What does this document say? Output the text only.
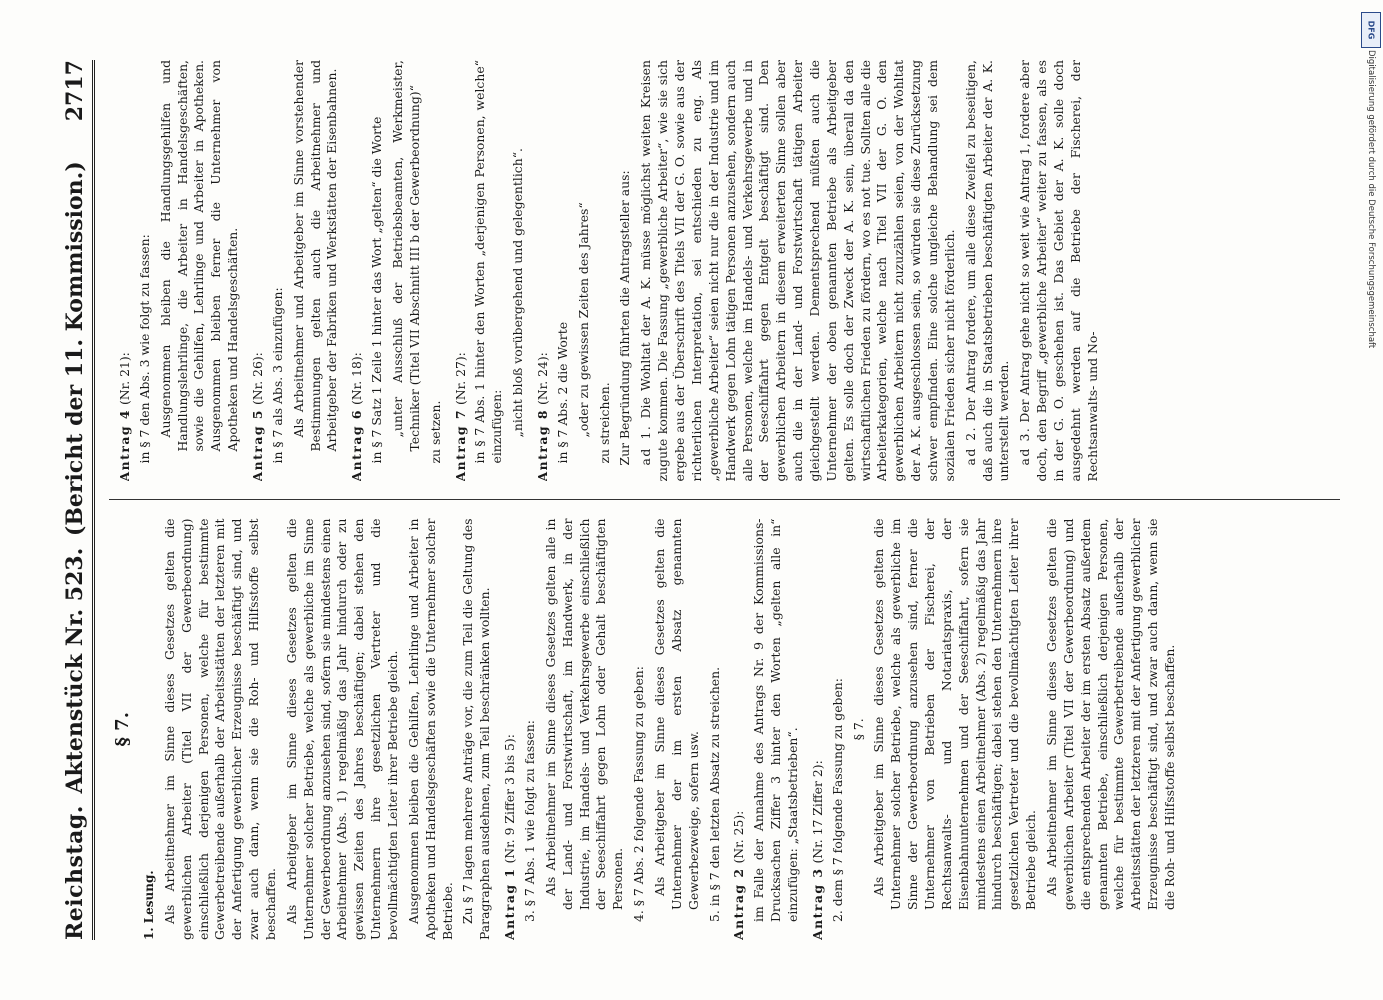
Reichstag.
Aktenstück Nr. 523.
(Bericht der 11. Kommission.)
2717
§ 7.
1. Lesung. Als Arbeitnehmer im Sinne dieses Gesetzes gelten die gewerblichen Arbeiter (Titel VII der Gewerbeordnung) einschließlich derjenigen Personen, welche für bestimmte Gewerbetreibende außerhalb der Arbeitsstätten der letzteren mit der Anfertigung gewerblicher Erzeugnisse beschäftigt sind, und zwar auch dann, wenn sie die Roh- und Hilfsstoffe selbst beschaffen. Als Arbeitgeber im Sinne dieses Gesetzes gelten die Unternehmer solcher Betriebe, welche als gewerbliche im Sinne der Gewerbeordnung anzusehen sind, sofern sie mindestens einen Arbeitnehmer (Abs. 1) regelmäßig das Jahr hindurch oder zu gewissen Zeiten des Jahres beschäftigen; dabei stehen den Unternehmern ihre gesetzlichen Vertreter und die bevollmächtigten Leiter ihrer Betriebe gleich. Ausgenommen bleiben die Gehilfen, Lehrlinge und Arbeiter in Apotheken und Handelsgeschäften sowie die Unternehmer solcher Betriebe. Zu § 7 lagen mehrere Anträge vor, die zum Teil die Geltung des Paragraphen ausdehnen, zum Teil beschränken wollten. Antrag 1 (Nr. 9 Ziffer 3 bis 5): 3. § 7 Abs. 1 wie folgt zu fassen: Als Arbeitnehmer im Sinne dieses Gesetzes gelten alle in der Land- und Forstwirtschaft, im Handwerk, in der Industrie, im Handels- und Verkehrsgewerbe einschließlich der Seeschiffahrt gegen Lohn oder Gehalt beschäftigten Personen. 4. § 7 Abs. 2 folgende Fassung zu geben: Als Arbeitgeber im Sinne dieses Gesetzes gelten die Unternehmer der im ersten Absatz genannten Gewerbezweige, sofern usw. 5. in § 7 den letzten Absatz zu streichen. Antrag 2 (Nr. 25): im Falle der Annahme des Antrags Nr. 9 der Kommissions-Drucksachen Ziffer 3 hinter den Worten „gelten alle in“ einzufügen: „Staatsbetrieben“. Antrag 3 (Nr. 17 Ziffer 2): 2. dem § 7 folgende Fassung zu geben: § 7. Als Arbeitgeber im Sinne dieses Gesetzes gelten die Unternehmer solcher Betriebe, welche als gewerbliche im Sinne der Gewerbeordnung anzusehen sind, ferner die Unternehmer von Betrieben der Fischerei, der Rechtsanwalts- und Notariatspraxis, der Eisenbahnunternehmen und der Seeschiffahrt, sofern sie mindestens einen Arbeitnehmer (Abs. 2) regelmäßig das Jahr hindurch beschäftigen; dabei stehen den Unternehmern ihre gesetzlichen Vertreter und die bevollmächtigten Leiter ihrer Betriebe gleich. Als Arbeitnehmer im Sinne dieses Gesetzes gelten die gewerblichen Arbeiter (Titel VII der Gewerbeordnung) und die entsprechenden Arbeiter der im ersten Absatz außerdem genannten Betriebe, einschließlich derjenigen Personen, welche für bestimmte Gewerbetreibende außerhalb der Arbeitsstätten der letzteren mit der Anfertigung gewerblicher Erzeugnisse beschäftigt sind, und zwar auch dann, wenn sie die Roh- und Hilfsstoffe selbst beschaffen.

Antrag 4 (Nr. 21): in § 7 den Abs. 3 wie folgt zu fassen: Ausgenommen bleiben die Handlungsgehilfen und Handlungslehrlinge, die Arbeiter in Handelsgeschäften, sowie die Gehilfen, Lehrlinge und Arbeiter in Apotheken. Ausgenommen bleiben ferner die Unternehmer von Apotheken und Handelsgeschäften. Antrag 5 (Nr. 26): in § 7 als Abs. 3 einzufügen: Als Arbeitnehmer und Arbeitgeber im Sinne vorstehender Bestimmungen gelten auch die Arbeitnehmer und Arbeitgeber der Fabriken und Werkstätten der Eisenbahnen. Antrag 6 (Nr. 18): in § 7 Satz 1 Zeile 1 hinter das Wort „gelten“ die Worte „unter Ausschluß der Betriebsbeamten, Werkmeister, Techniker (Titel VII Abschnitt III b der Gewerbeordnung)“ zu setzen. Antrag 7 (Nr. 27): in § 7 Abs. 1 hinter den Worten „derjenigen Personen, welche“ einzufügen: „nicht bloß vorübergehend und gelegentlich“.

Antrag 8 (Nr. 24): in § 7 Abs. 2 die Worte „oder zu gewissen Zeiten des Jahres“ zu streichen. Zur Begründung führten die Antragsteller aus: ad 1. Die Wohltat der A. K. müsse möglichst weiten Kreisen zugute kommen. Die Fassung „gewerbliche Arbeiter“, wie sie sich ergebe aus der Überschrift des Titels VII der G. O. sowie aus der richterlichen Interpretation, sei entschieden zu eng. Als „gewerbliche Arbeiter“ seien nicht nur die in der Industrie und im Handwerk gegen Lohn tätigen Personen anzusehen, sondern auch alle Personen, welche im Handels- und Verkehrsgewerbe und in der Seeschiffahrt gegen Entgelt beschäftigt sind. Den gewerblichen Arbeitern in diesem erweiterten Sinne sollen aber auch die in der Land- und Forstwirtschaft tätigen Arbeiter gleichgestellt werden. Dementsprechend müßten auch die Unternehmer der oben genannten Betriebe als Arbeitgeber gelten. Es solle doch der Zweck der A. K. sein, überall da den wirtschaftlichen Frieden zu fördern, wo es not tue. Sollten alle die Arbeiterkategorien, welche nach Titel VII der G. O. den gewerblichen Arbeitern nicht zuzuzählen seien, von der Wohltat der A. K. ausgeschlossen sein, so würden sie diese Zurücksetzung schwer empfinden. Eine solche ungleiche Behandlung sei dem sozialen Frieden sicher nicht förderlich. ad 2. Der Antrag fordere, um alle diese Zweifel zu beseitigen, daß auch die in Staatsbetrieben beschäftigten Arbeiter der A. K. unterstellt werden. ad 3. Der Antrag gehe nicht so weit wie Antrag 1, fordere aber doch, den Begriff „gewerbliche Arbeiter“ weiter zu fassen, als es in der G. O. geschehen ist. Das Gebiet der A. K. solle doch ausgedehnt werden auf die Betriebe der Fischerei, der Rechtsanwalts- und No-

DFG
Digitalisierung gefördert durch die Deutsche Forschungsgemeinschaft
